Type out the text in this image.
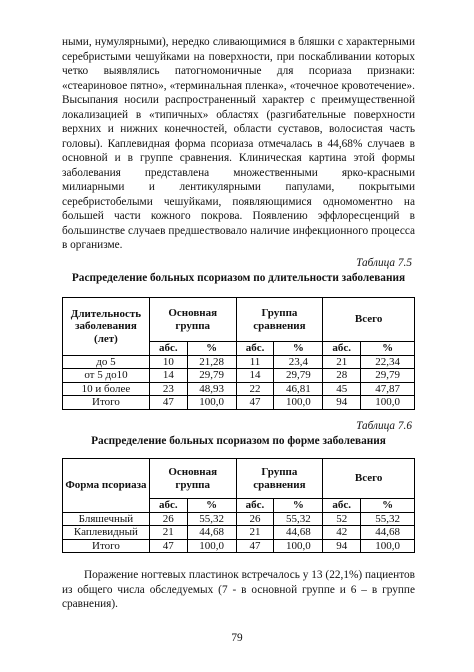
ными, нумулярными), нередко сливающимися в бляшки с характерными серебристыми чешуйками на поверхности, при поскабливании которых четко выявлялись патогномоничные для псориаза признаки: «стеариновое пятно», «терминальная пленка», «точечное кровотечение». Высыпания носили распространенный характер с преимущественной локализацией в «типичных» областях (разгибательные поверхности верхних и нижних конечностей, области суставов, волосистая часть головы). Каплевидная форма псориаза отмечалась в 44,68% случаев в основной и в группе сравнения. Клиническая картина этой формы заболевания представлена множественными ярко-красными милиарными и лентикулярными папулами, покрытыми серебристобелыми чешуйками, появляющимися одномоментно на большей части кожного покрова. Появлению эффлоресценций в большинстве случаев предшествовало наличие инфекционного процесса в организме.

Таблица 7.5
Распределение больных псориазом по длительности заболевания
Длительность заболевания (лет)	Основная группа		Группа сравнения		Всего	
	абс.	%	абс.	%	абс.	%
до 5	10	21,28	11	23,4	21	22,34
от 5 до10	14	29,79	14	29,79	28	29,79
10 и более	23	48,93	22	46,81	45	47,87
Итого	47	100,0	47	100,0	94	100,0
Таблица 7.6
Распределение больных псориазом по форме заболевания
Форма псориаза	Основная группа		Группа сравнения		Всего	
	абс.	%	абс.	%	абс.	%
Бляшечный	26	55,32	26	55,32	52	55,32
Каплевидный	21	44,68	21	44,68	42	44,68
Итого	47	100,0	47	100,0	94	100,0

Поражение ногтевых пластинок встречалось у 13 (22,1%) пациентов из общего числа обследуемых (7 - в основной группе и 6 – в группе сравнения).

79
